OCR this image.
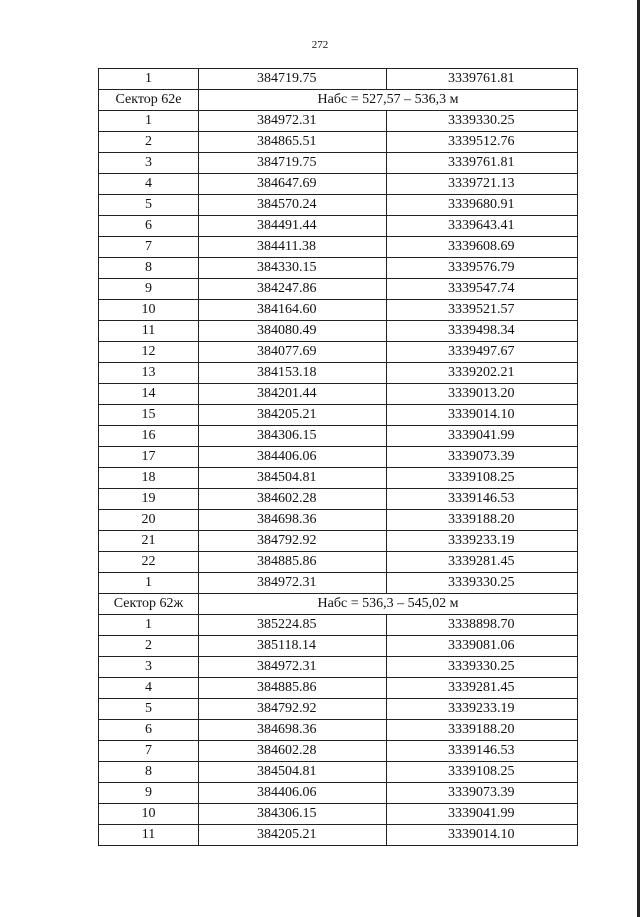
272
1	384719.75	3339761.81
Сектор 62е	Набс = 527,57 – 536,3 м	
1	384972.31	3339330.25
2	384865.51	3339512.76
3	384719.75	3339761.81
4	384647.69	3339721.13
5	384570.24	3339680.91
6	384491.44	3339643.41
7	384411.38	3339608.69
8	384330.15	3339576.79
9	384247.86	3339547.74
10	384164.60	3339521.57
11	384080.49	3339498.34
12	384077.69	3339497.67
13	384153.18	3339202.21
14	384201.44	3339013.20
15	384205.21	3339014.10
16	384306.15	3339041.99
17	384406.06	3339073.39
18	384504.81	3339108.25
19	384602.28	3339146.53
20	384698.36	3339188.20
21	384792.92	3339233.19
22	384885.86	3339281.45
1	384972.31	3339330.25
Сектор 62ж	Набс = 536,3 – 545,02 м	
1	385224.85	3338898.70
2	385118.14	3339081.06
3	384972.31	3339330.25
4	384885.86	3339281.45
5	384792.92	3339233.19
6	384698.36	3339188.20
7	384602.28	3339146.53
8	384504.81	3339108.25
9	384406.06	3339073.39
10	384306.15	3339041.99
11	384205.21	3339014.10
